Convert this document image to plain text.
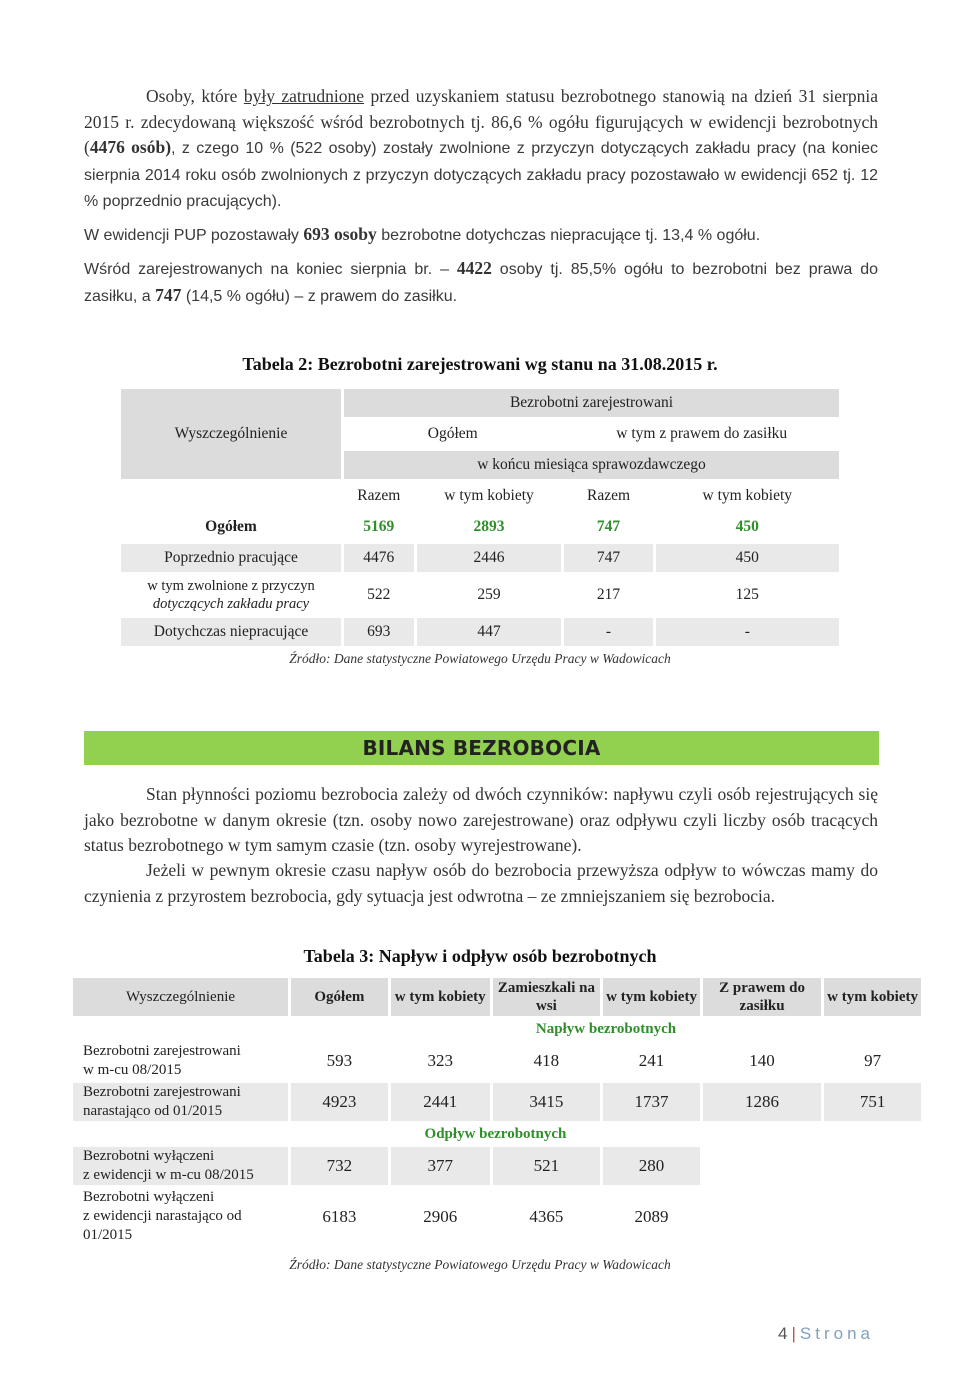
Osoby, które były zatrudnione przed uzyskaniem statusu bezrobotnego stanowią na dzień 31 sierpnia 2015 r. zdecydowaną większość wśród bezrobotnych tj. 86,6 % ogółu figurujących w ewidencji bezrobotnych (4476 osób), z czego 10 % (522 osoby) zostały zwolnione z przyczyn dotyczących zakładu pracy (na koniec sierpnia 2014 roku osób zwolnionych z przyczyn dotyczących zakładu pracy pozostawało w ewidencji 652 tj. 12 % poprzednio pracujących).
W ewidencji PUP pozostawały 693 osoby bezrobotne dotychczas niepracujące tj. 13,4 % ogółu.
Wśród zarejestrowanych na koniec sierpnia br. – 4422 osoby tj. 85,5% ogółu to bezrobotni bez prawa do zasiłku, a 747 (14,5 % ogółu) – z prawem do zasiłku.
Tabela 2: Bezrobotni zarejestrowani wg stanu na 31.08.2015 r.
Wyszczególnienie	Bezrobotni zarejestrowani			
	Ogółem		w tym z prawem do zasiłku	
	w końcu miesiąca sprawozdawczego			
	Razem	w tym kobiety	Razem	w tym kobiety
Ogółem	5169	2893	747	450
Poprzednio pracujące	4476	2446	747	450

w tym zwolnione z przyczyn
dotyczących zakładu pracy	522	259	217	125
Dotychczas niepracujące	693	447	-	-
Źródło: Dane statystyczne Powiatowego Urzędu Pracy w Wadowicach
BILANS BEZROBOCIA
Stan płynności poziomu bezrobocia zależy od dwóch czynników: napływu czyli osób rejestrujących się jako bezrobotne w danym okresie (tzn. osoby nowo zarejestrowane) oraz odpływu czyli liczby osób tracących status bezrobotnego w tym samym czasie (tzn. osoby wyrejestrowane).
Jeżeli w pewnym okresie czasu napływ osób do bezrobocia przewyższa odpływ to wówczas mamy do czynienia z przyrostem bezrobocia, gdy sytuacja jest odwrotna – ze zmniejszaniem się bezrobocia.
Tabela 3: Napływ i odpływ osób bezrobotnych
Wyszczególnienie	Ogółem	w tym kobiety	Zamieszkali na wsi	w tym kobiety	Z prawem do zasiłku	w tym kobiety
	Napływ bezrobotnych					

Bezrobotni zarejestrowani
w m-cu 08/2015	593	323	418	241	140	97

Bezrobotni zarejestrowani
narastająco od 01/2015	4923	2441	3415	1737	1286	751
	Odpływ bezrobotnych					

Bezrobotni wyłączeni
z ewidencji w m-cu 08/2015	732	377	521	280		

Bezrobotni wyłączeni
z ewidencji narastająco od
01/2015	6183	2906	4365	2089		
Źródło: Dane statystyczne Powiatowego Urzędu Pracy w Wadowicach
4 | Strona
